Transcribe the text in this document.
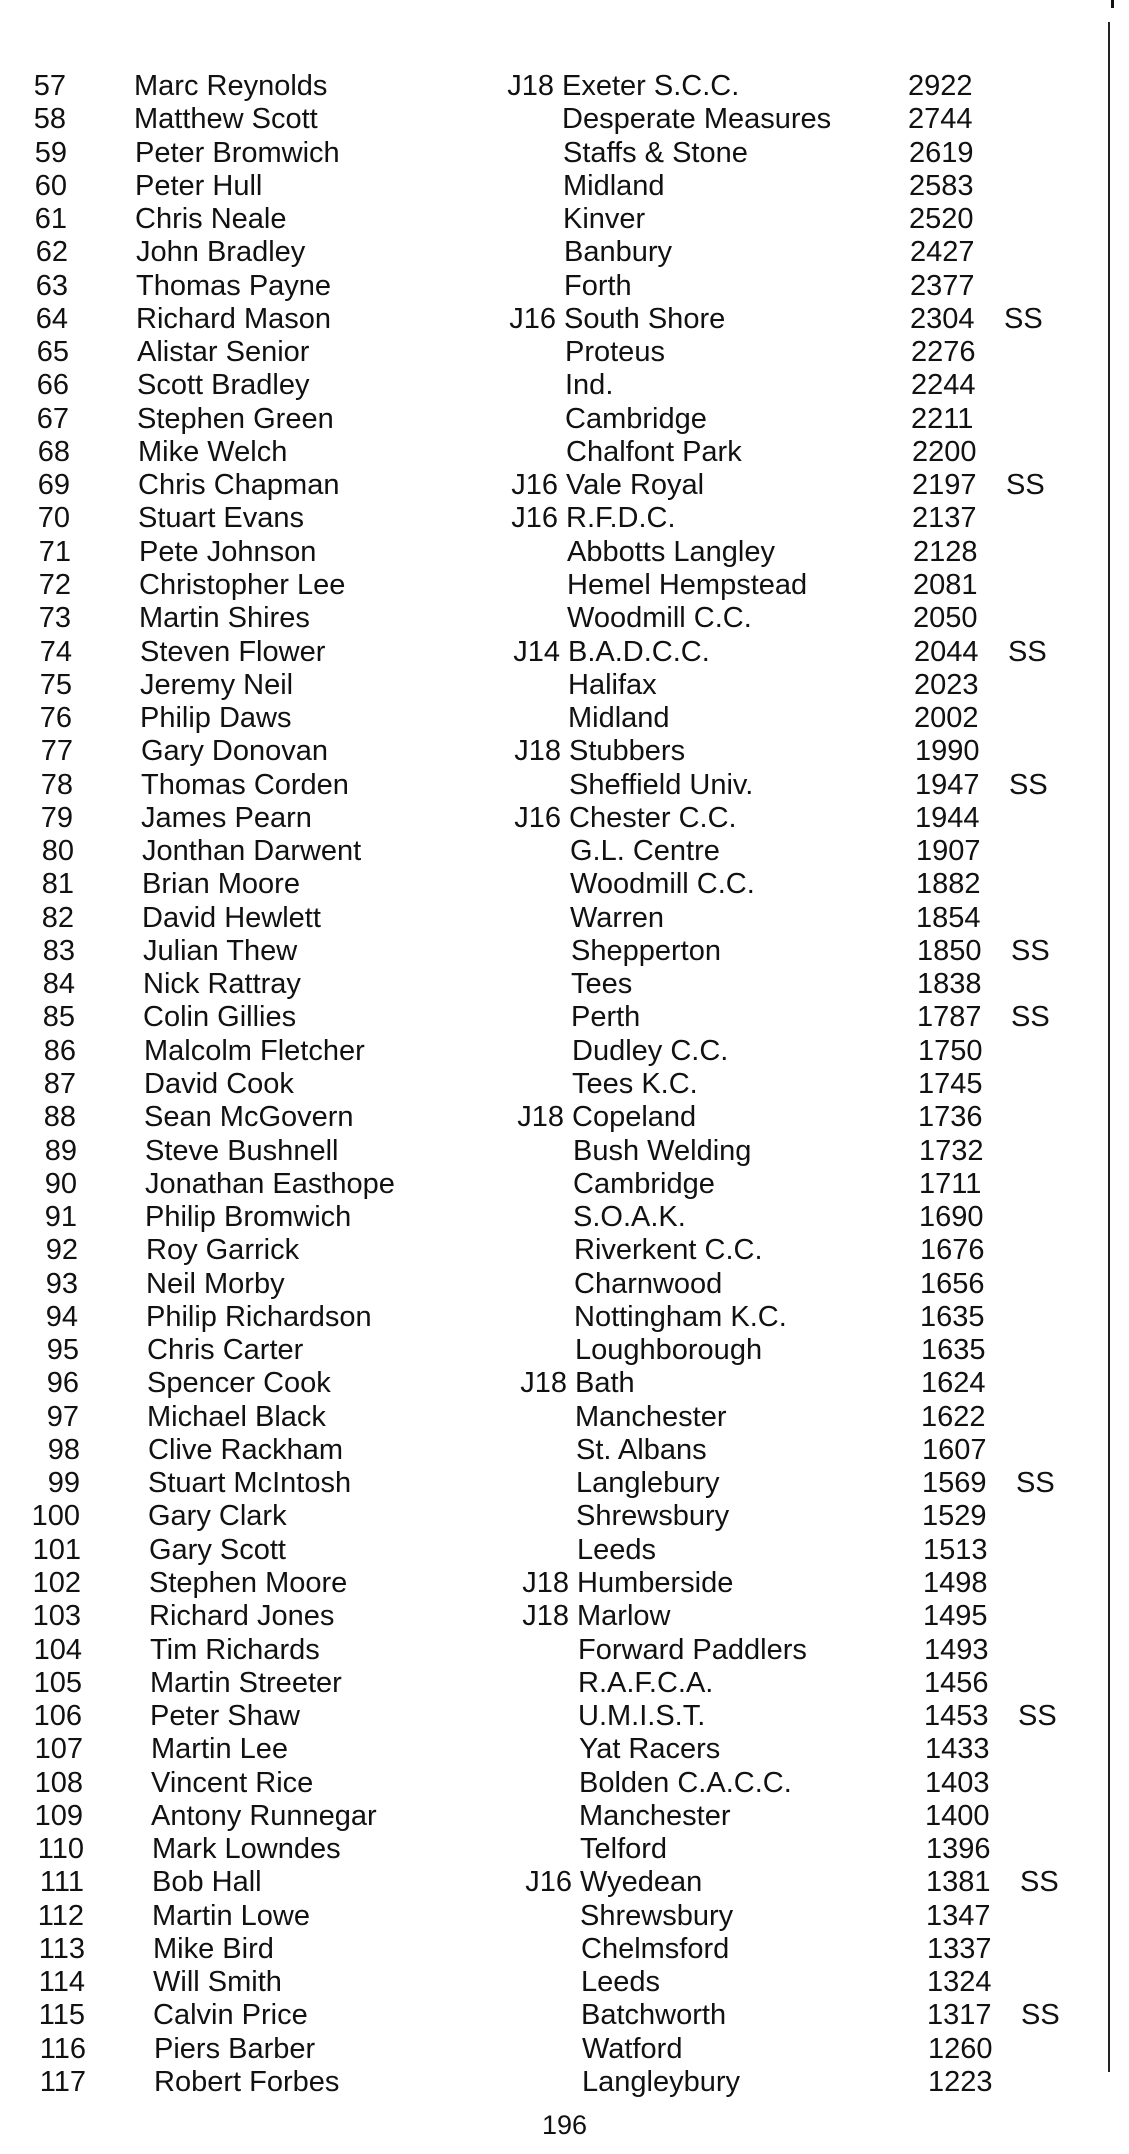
57 Marc Reynolds	J18 Exeter S.C.C.	2922
58 Matthew Scott	Desperate Measures	2744
59 Peter Bromwich	Staffs & Stone	2619
60 Peter Hull	Midland	2583
61 Chris Neale	Kinver	2520
62 John Bradley	Banbury	2427
63 Thomas Payne	Forth	2377
64 Richard Mason	J16 South Shore	2304 SS
65 Alistar Senior	Proteus	2276
66 Scott Bradley	Ind.	2244
67 Stephen Green	Cambridge	2211
68 Mike Welch	Chalfont Park	2200
69 Chris Chapman	J16 Vale Royal	2197 SS
70 Stuart Evans	J16 R.F.D.C.	2137
71 Pete Johnson	Abbotts Langley	2128
72 Christopher Lee	Hemel Hempstead	2081
73 Martin Shires	Woodmill C.C.	2050
74 Steven Flower	J14 B.A.D.C.C.	2044 SS
75 Jeremy Neil	Halifax	2023
76 Philip Daws	Midland	2002
77 Gary Donovan	J18 Stubbers	1990
78 Thomas Corden	Sheffield Univ.	1947 SS
79 James Pearn	J16 Chester C.C.	1944
80 Jonthan Darwent	G.L. Centre	1907
81 Brian Moore	Woodmill C.C.	1882
82 David Hewlett	Warren	1854
83 Julian Thew	Shepperton	1850 SS
84 Nick Rattray	Tees	1838
85 Colin Gillies	Perth	1787 SS
86 Malcolm Fletcher	Dudley C.C.	1750
87 David Cook	Tees K.C.	1745
88 Sean McGovern	J18 Copeland	1736
89 Steve Bushnell	Bush Welding	1732
90 Jonathan Easthope	Cambridge	1711
91 Philip Bromwich	S.O.A.K.	1690
92 Roy Garrick	Riverkent C.C.	1676
93 Neil Morby	Charnwood	1656
94 Philip Richardson	Nottingham K.C.	1635
95 Chris Carter	Loughborough	1635
96 Spencer Cook	J18 Bath	1624
97 Michael Black	Manchester	1622
98 Clive Rackham	St. Albans	1607
99 Stuart McIntosh	Langlebury	1569 SS
100 Gary Clark	Shrewsbury	1529
101 Gary Scott	Leeds	1513
102 Stephen Moore	J18 Humberside	1498
103 Richard Jones	J18 Marlow	1495
104 Tim Richards	Forward Paddlers	1493
105 Martin Streeter	R.A.F.C.A.	1456
106 Peter Shaw	U.M.I.S.T.	1453 SS
107 Martin Lee	Yat Racers	1433
108 Vincent Rice	Bolden C.A.C.C.	1403
109 Antony Runnegar	Manchester	1400
110 Mark Lowndes	Telford	1396
111 Bob Hall	J16 Wyedean	1381 SS
112 Martin Lowe	Shrewsbury	1347
113 Mike Bird	Chelmsford	1337
114 Will Smith	Leeds	1324
115 Calvin Price	Batchworth	1317 SS
116 Piers Barber	Watford	1260
117 Robert Forbes	Langleybury	1223
196
